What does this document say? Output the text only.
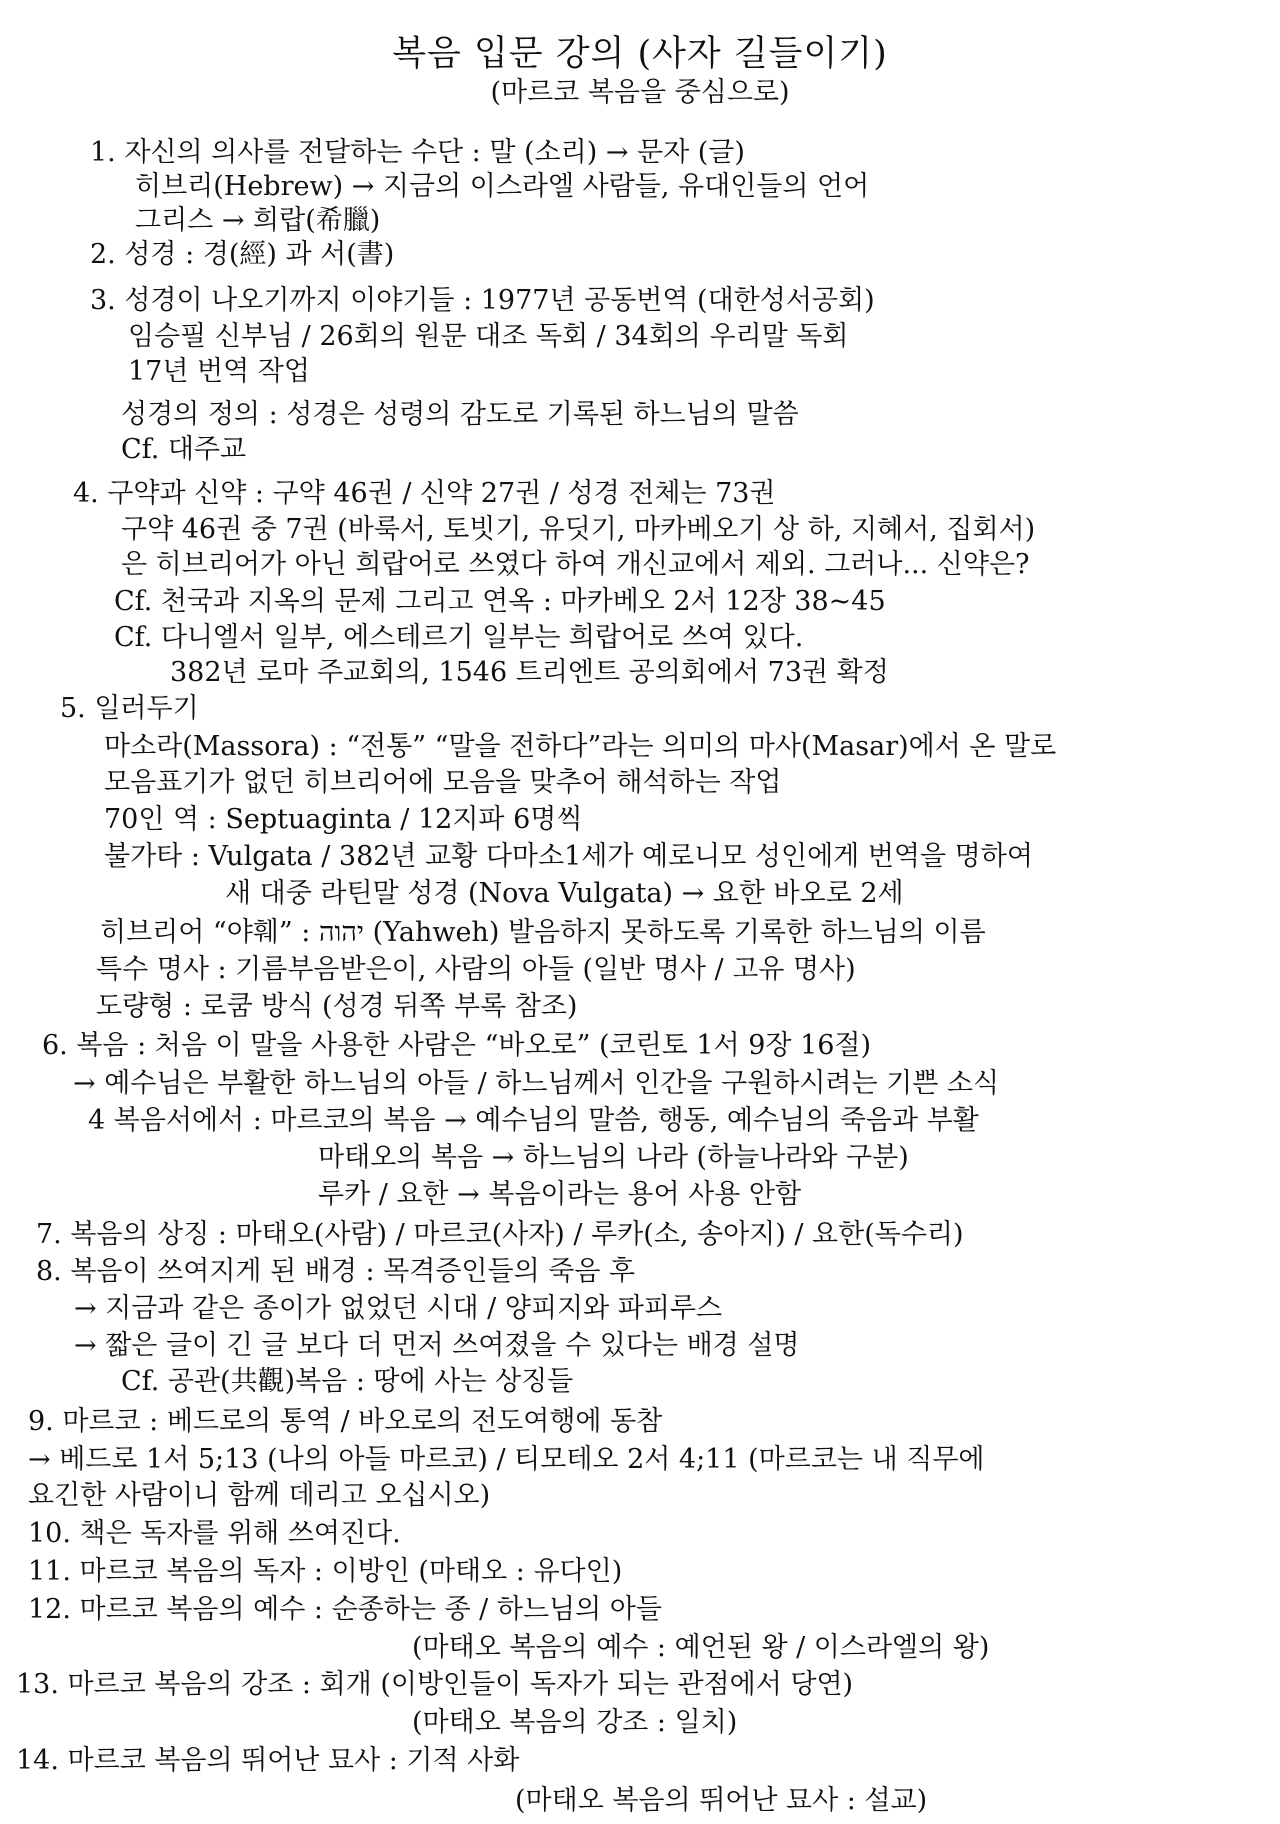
복음 입문 강의 (사자 길들이기)
(마르코 복음을 중심으로)
1. 자신의 의사를 전달하는 수단 : 말 (소리) → 문자 (글)
히브리(Hebrew) → 지금의 이스라엘 사람들, 유대인들의 언어
그리스 → 희랍(希臘)
2. 성경 : 경(經) 과 서(書)
3. 성경이 나오기까지 이야기들 : 1977년 공동번역 (대한성서공회)
임승필 신부님 / 26회의 원문 대조 독회 / 34회의 우리말 독회
17년 번역 작업
성경의 정의 : 성경은 성령의 감도로 기록된 하느님의 말씀
Cf. 대주교
4. 구약과 신약 : 구약 46권 / 신약 27권 / 성경 전체는 73권
구약 46권 중 7권 (바룩서, 토빗기, 유딧기, 마카베오기 상 하, 지혜서, 집회서)
은 히브리어가 아닌 희랍어로 쓰였다 하여 개신교에서 제외. 그러나... 신약은?
Cf. 천국과 지옥의 문제 그리고 연옥 : 마카베오 2서 12장 38~45
Cf. 다니엘서 일부, 에스테르기 일부는 희랍어로 쓰여 있다.
382년 로마 주교회의, 1546 트리엔트 공의회에서 73권 확정
5. 일러두기
마소라(Massora) : “전통” “말을 전하다”라는 의미의 마사(Masar)에서 온 말로
모음표기가 없던 히브리어에 모음을 맞추어 해석하는 작업
70인 역 : Septuaginta / 12지파 6명씩
불가타 : Vulgata / 382년 교황 다마소1세가 예로니모 성인에게 번역을 명하여
새 대중 라틴말 성경 (Nova Vulgata) → 요한 바오로 2세
히브리어 “야훼” : יהוה (Yahweh) 발음하지 못하도록 기록한 하느님의 이름
특수 명사 : 기름부음받은이, 사람의 아들 (일반 명사 / 고유 명사)
도량형 : 로쿰 방식 (성경 뒤쪽 부록 참조)
6. 복음 : 처음 이 말을 사용한 사람은 “바오로” (코린토 1서 9장 16절)
→ 예수님은 부활한 하느님의 아들 / 하느님께서 인간을 구원하시려는 기쁜 소식
4 복음서에서 : 마르코의 복음 → 예수님의 말씀, 행동, 예수님의 죽음과 부활
마태오의 복음 → 하느님의 나라 (하늘나라와 구분)
루카 / 요한 → 복음이라는 용어 사용 안함
7. 복음의 상징 : 마태오(사람) / 마르코(사자) / 루카(소, 송아지) / 요한(독수리)
8. 복음이 쓰여지게 된 배경 : 목격증인들의 죽음 후
→ 지금과 같은 종이가 없었던 시대 / 양피지와 파피루스
→ 짧은 글이 긴 글 보다 더 먼저 쓰여졌을 수 있다는 배경 설명
Cf. 공관(共觀)복음 : 땅에 사는 상징들
9. 마르코 : 베드로의 통역 / 바오로의 전도여행에 동참
→ 베드로 1서 5;13 (나의 아들 마르코) / 티모테오 2서 4;11 (마르코는 내 직무에
요긴한 사람이니 함께 데리고 오십시오)
10. 책은 독자를 위해 쓰여진다.
11. 마르코 복음의 독자 : 이방인 (마태오 : 유다인)
12. 마르코 복음의 예수 : 순종하는 종 / 하느님의 아들
(마태오 복음의 예수 : 예언된 왕 / 이스라엘의 왕)
13. 마르코 복음의 강조 : 회개 (이방인들이 독자가 되는 관점에서 당연)
(마태오 복음의 강조 : 일치)
14. 마르코 복음의 뛰어난 묘사 : 기적 사화
(마태오 복음의 뛰어난 묘사 : 설교)
